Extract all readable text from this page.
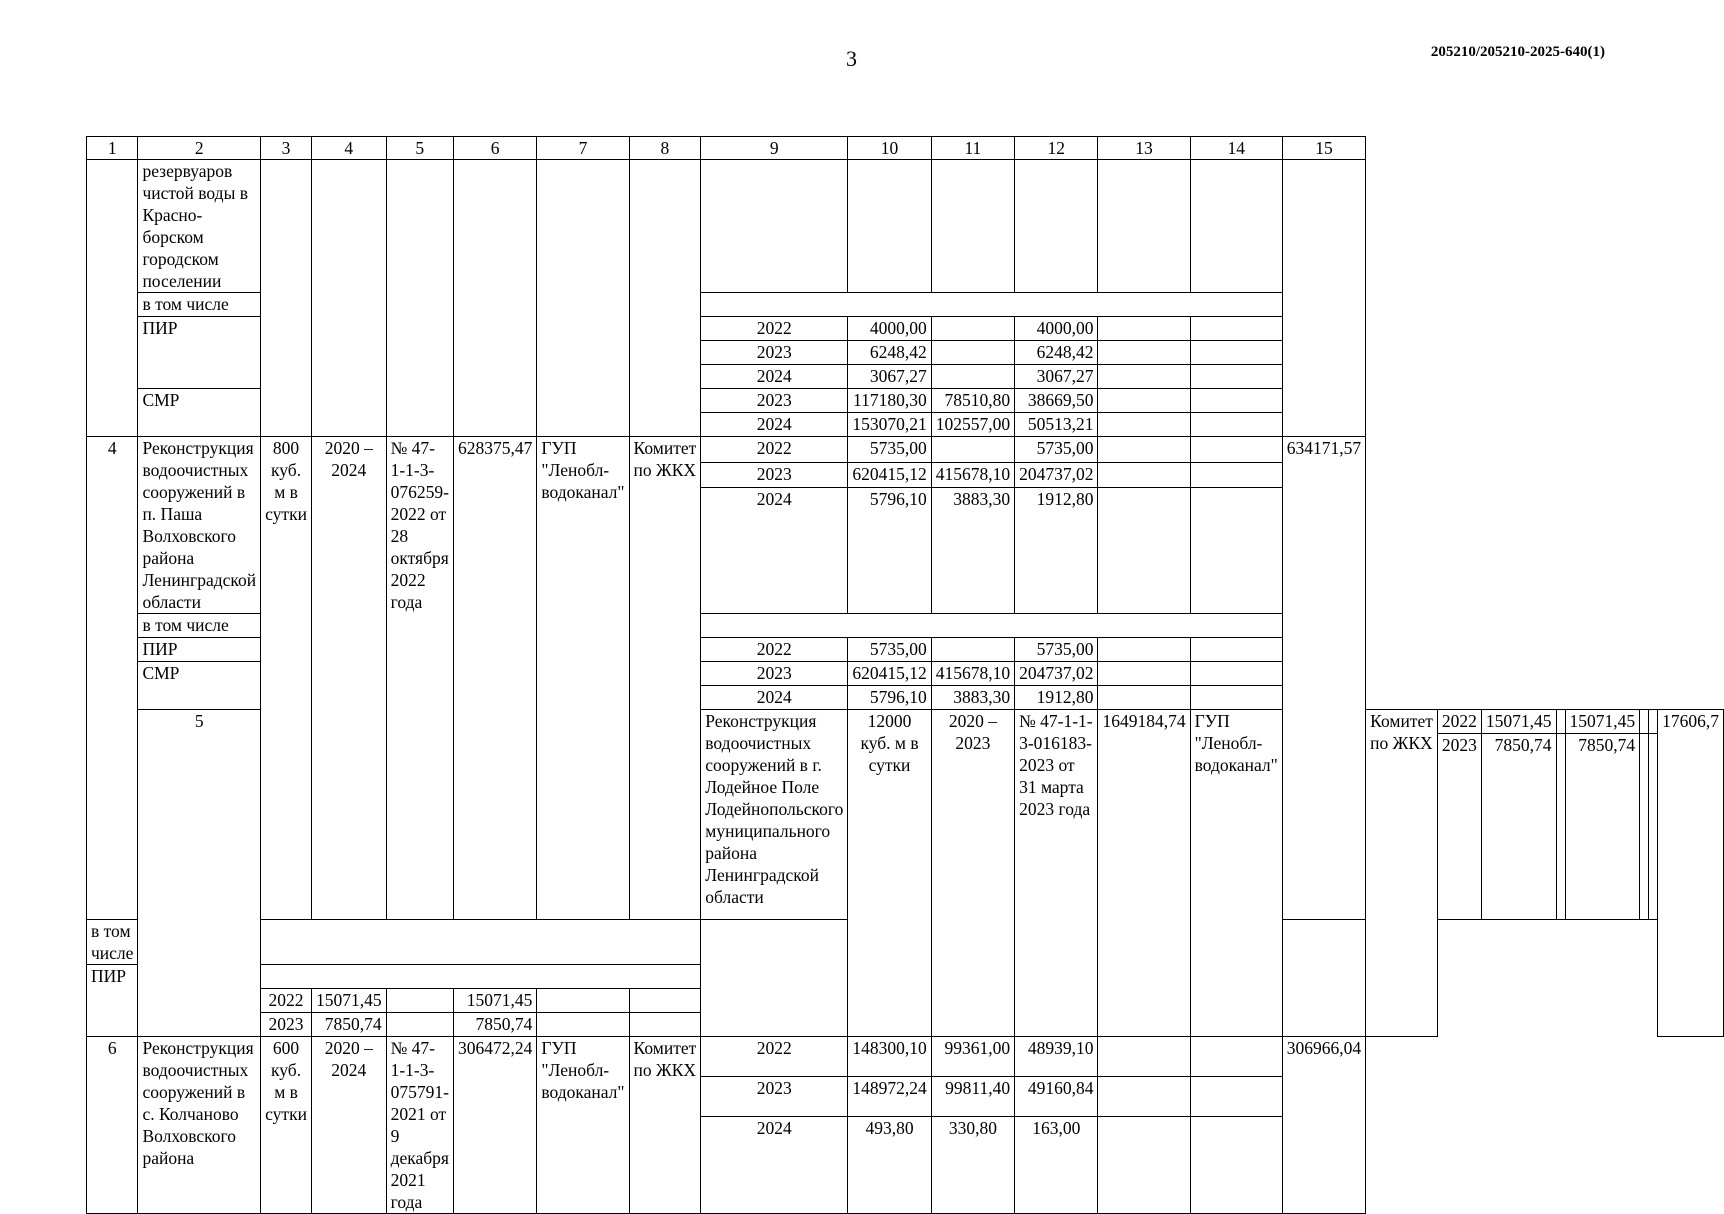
3	205210/205210-2025-640(1)
1	2	3	4	5	6	7	8	9	10	11	12	13	14	15								
	резервуаров чистой воды в Красно-борском городском поселении																					
	в том числе																					
	ПИР							2022	4000,00		4000,00											
								2023	6248,42		6248,42											
								2024	3067,27		3067,27											
	СМР							2023	117180,30	78510,80	38669,50											
								2024	153070,21	102557,00	50513,21											
4	Реконструкция водоочистных сооружений в п. Паша Волховского района Ленинградской области	800 куб. м в сутки	2020 – 2024	№ 47-1-1-3-076259-2022 от 28 октября 2022 года	628375,47	ГУП "Ленобл-водоканал"	Комитет по ЖКХ	2022	5735,00		5735,00			634171,57								
								2023	620415,12	415678,10	204737,02											
								2024	5796,10	3883,30	1912,80											
	в том числе																					
	ПИР							2022	5735,00		5735,00											
	СМР							2023	620415,12	415678,10	204737,02											
								2024	5796,10	3883,30	1912,80											
	5							Реконструкция водоочистных сооружений в г. Лодейное Поле Лодейнопольского муниципального района Ленинградской области	12000 куб. м в сутки	2020 – 2023	№ 47-1-1-3-016183-2023 от 31 марта 2023 года	1649184,74	ГУП "Ленобл-водоканал"		Комитет по ЖКХ	2022	15071,45		15071,45			17606,7
																2023	7850,74		7850,74			
в том числе																						
ПИР																						
		2022	15071,45		15071,45																	
		2023	7850,74		7850,74																	
6	Реконструкция водоочистных сооружений в с. Колчаново Волховского района	600 куб. м в сутки	2020 – 2024	№ 47-1-1-3-075791-2021 от 9 декабря 2021 года	306472,24	ГУП "Ленобл-водоканал"	Комитет по ЖКХ	2022	148300,10	99361,00	48939,10			306966,04								
								2023	148972,24	99811,40	49160,84											
								2024	493,80	330,80	163,00											
